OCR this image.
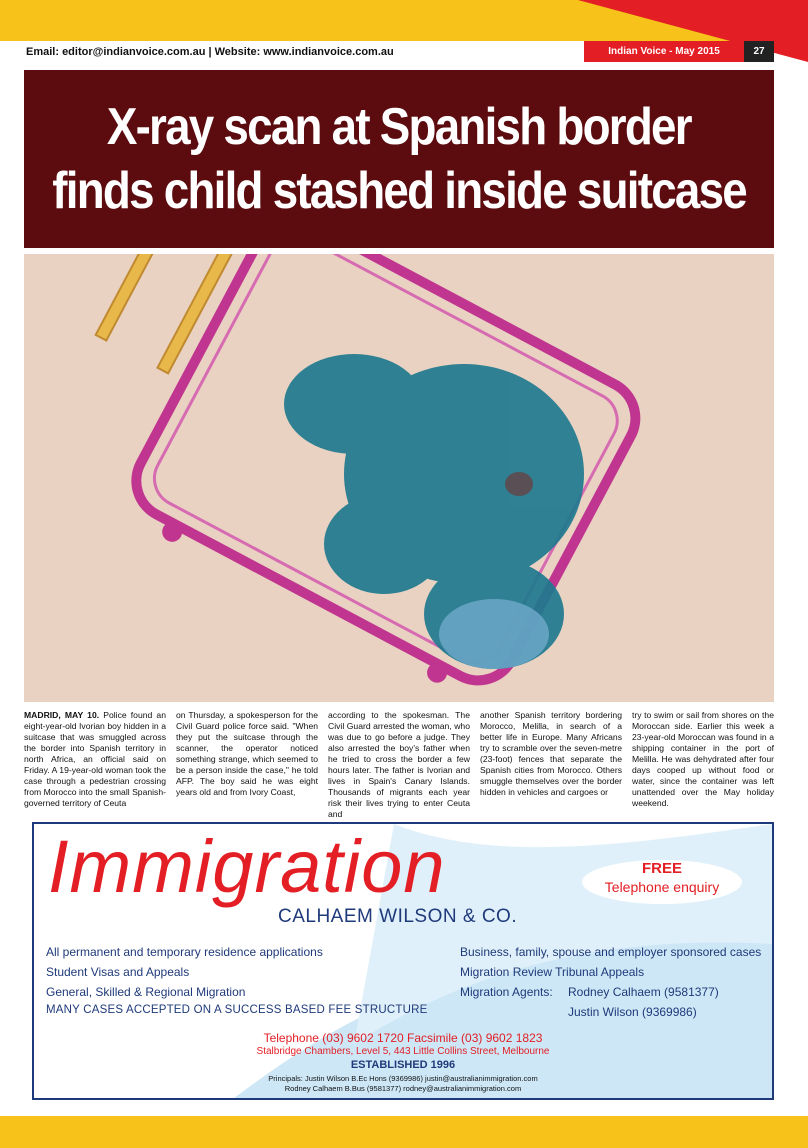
Email: editor@indianvoice.com.au | Website: www.indianvoice.com.au	Indian Voice - May 2015	27
X-ray scan at Spanish border
finds child stashed inside suitcase
MADRID, MAY 10. Police found an eight-year-old Ivorian boy hidden in a suitcase that was smuggled across the border into Spanish territory in north Africa, an official said on Friday. A 19-year-old woman took the case through a pedestrian crossing from Morocco into the small Spanish-governed territory of Ceuta
on Thursday, a spokesperson for the Civil Guard police force said. "When they put the suitcase through the scanner, the operator noticed something strange, which seemed to be a person inside the case," he told AFP. The boy said he was eight years old and from Ivory Coast,
according to the spokesman. The Civil Guard arrested the woman, who was due to go before a judge. They also arrested the boy's father when he tried to cross the border a few hours later. The father is Ivorian and lives in Spain's Canary Islands. Thousands of migrants each year risk their lives trying to enter Ceuta and
another Spanish territory bordering Morocco, Melilla, in search of a better life in Europe. Many Africans try to scramble over the seven-metre (23-foot) fences that separate the Spanish cities from Morocco. Others smuggle themselves over the border hidden in vehicles and cargoes or
try to swim or sail from shores on the Moroccan side. Earlier this week a 23-year-old Moroccan was found in a shipping container in the port of Melilla. He was dehydrated after four days cooped up without food or water, since the container was left unattended over the May holiday weekend.
Immigration
CALHAEM WILSON & CO.
FREE
Telephone enquiry
All permanent and temporary residence applications
Student Visas and Appeals
General, Skilled & Regional Migration
Business, family, spouse and employer sponsored cases
Migration Review Tribunal Appeals
Migration Agents:	Rodney Calhaem (9581377)
Justin Wilson (9369986)
MANY CASES ACCEPTED ON A SUCCESS BASED FEE STRUCTURE
Telephone (03) 9602 1720 Facsimile (03) 9602 1823
Stalbridge Chambers, Level 5, 443 Little Collins Street, Melbourne
ESTABLISHED 1996
Principals: Justin Wilson B.Ec Hons (9369986) justin@australianimmigration.com
Rodney Calhaem B.Bus (9581377) rodney@australianimmigration.com
